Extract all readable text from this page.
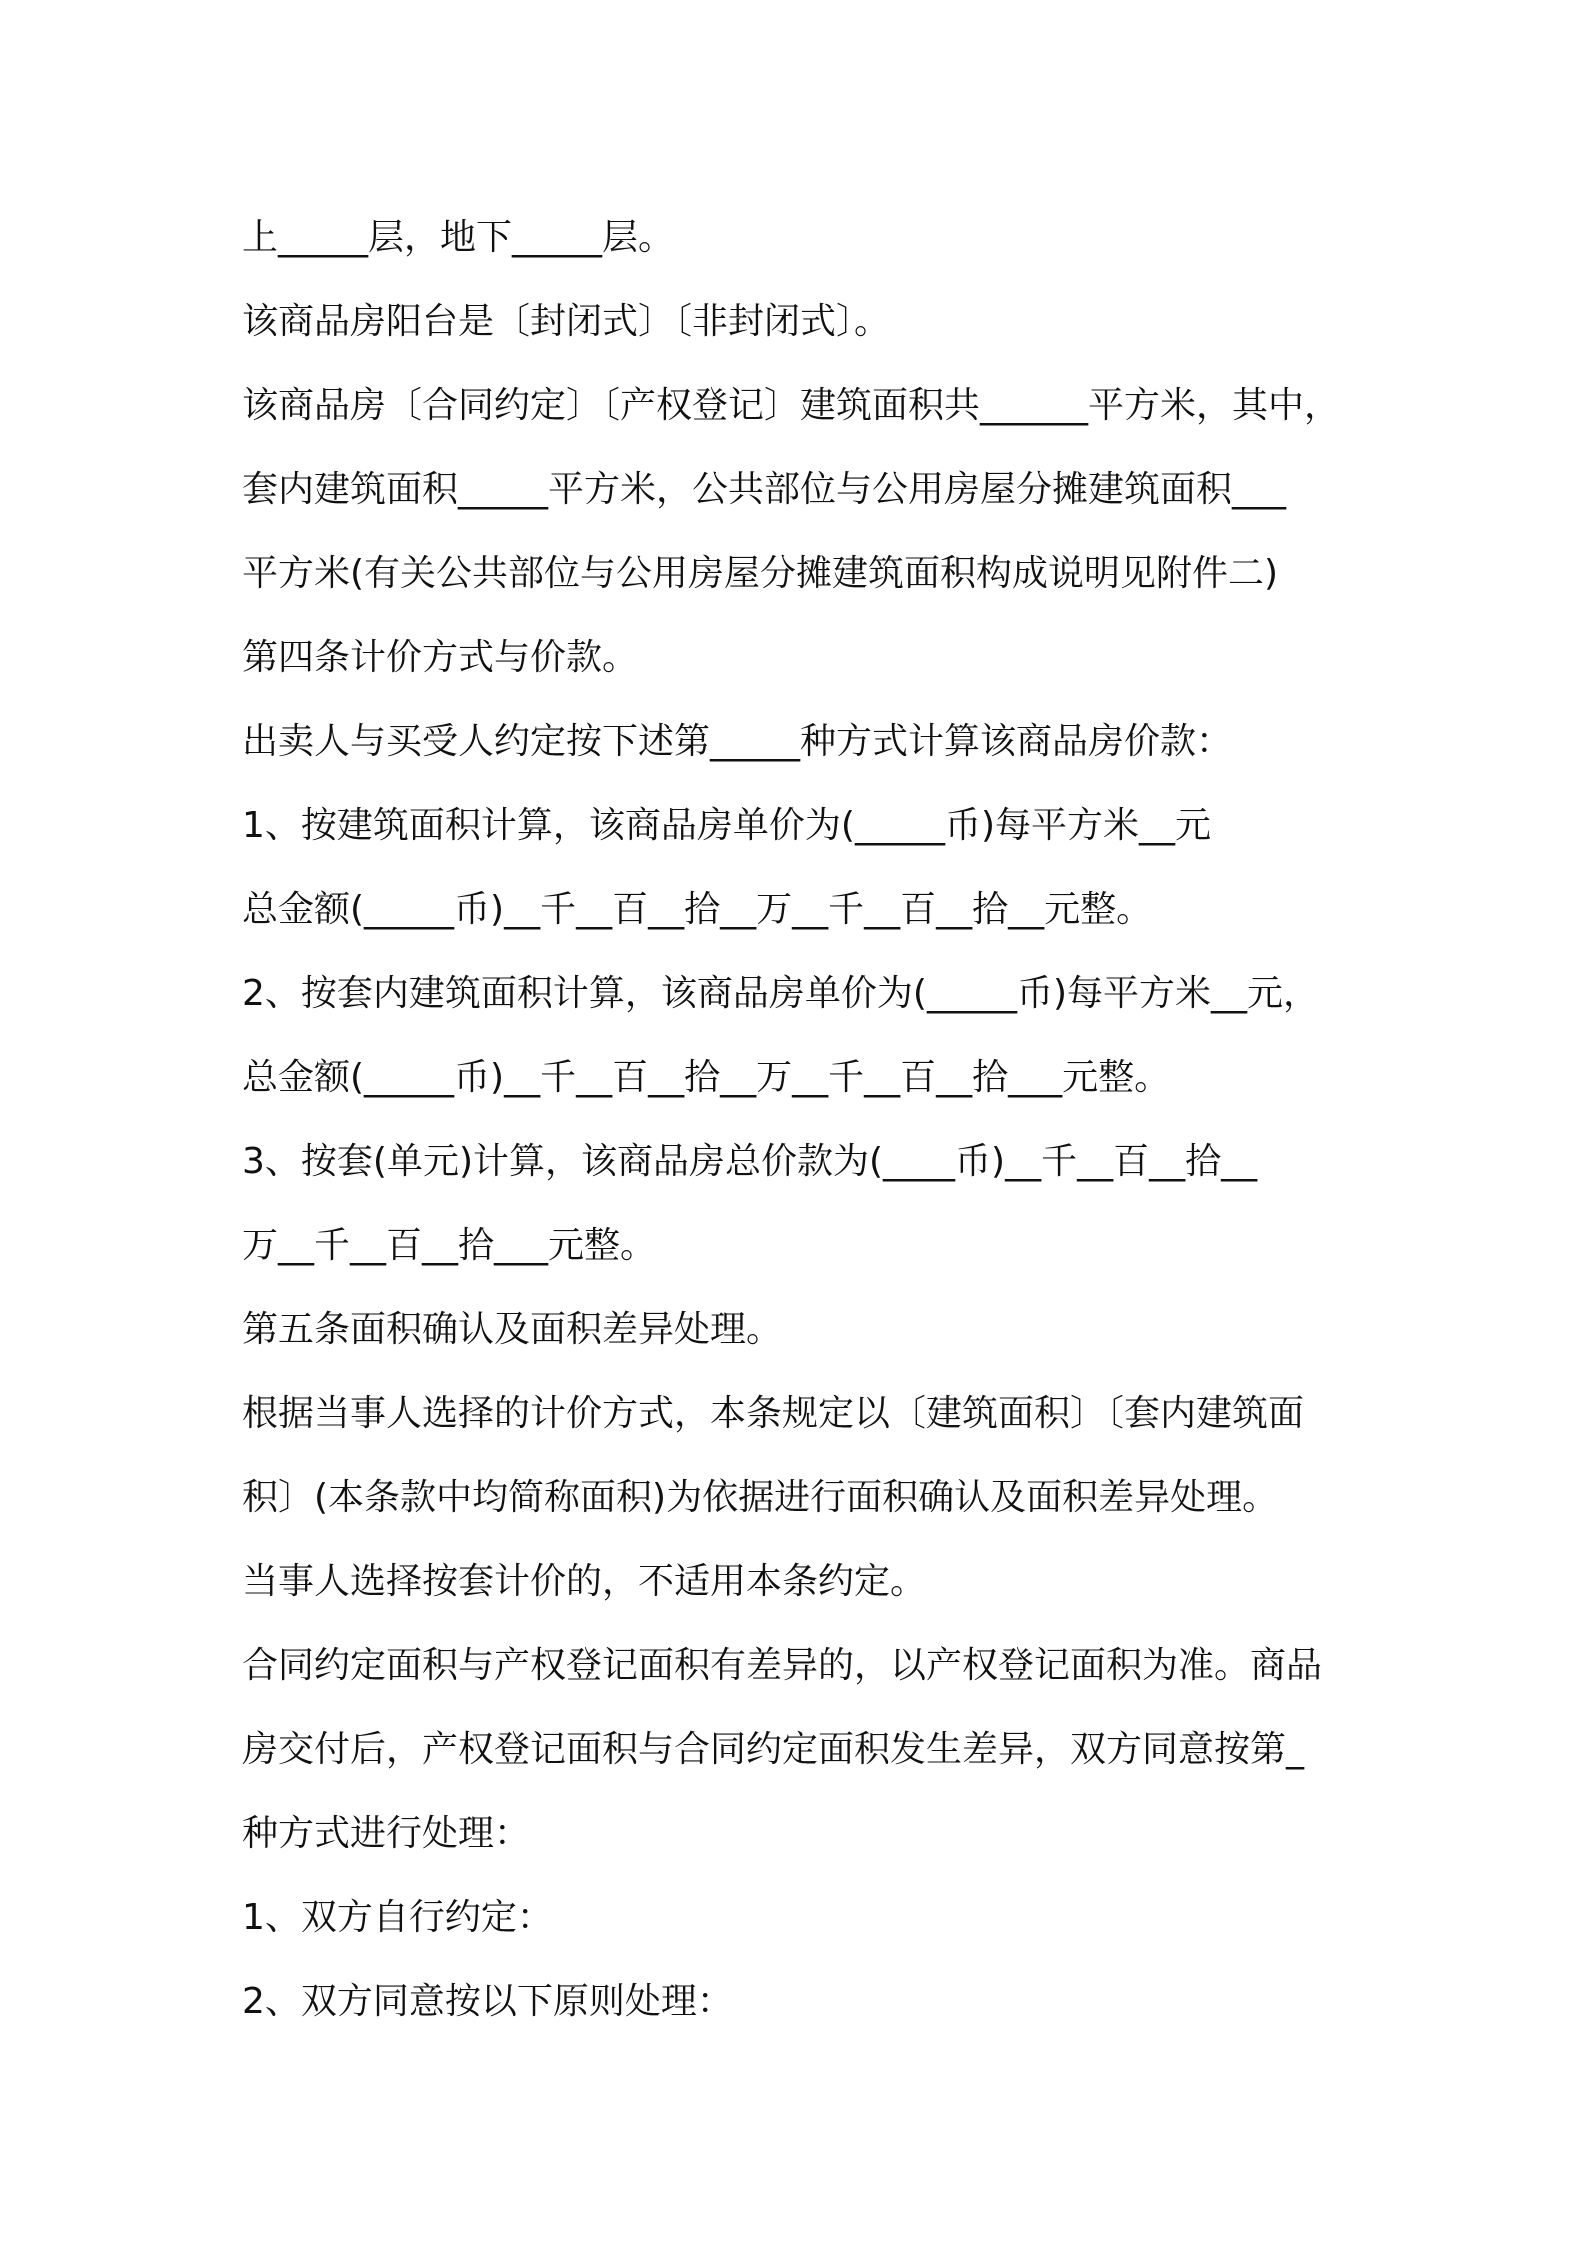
上_____层，地下_____层。
该商品房阳台是〔封闭式〕〔非封闭式〕。
该商品房〔合同约定〕〔产权登记〕建筑面积共______平方米，其中，
套内建筑面积_____平方米，公共部位与公用房屋分摊建筑面积___
平方米(有关公共部位与公用房屋分摊建筑面积构成说明见附件二)
第四条计价方式与价款。
出卖人与买受人约定按下述第_____种方式计算该商品房价款：
1、按建筑面积计算，该商品房单价为(_____币)每平方米__元
总金额(_____币)__千__百__拾__万__千__百__拾__元整。
2、按套内建筑面积计算，该商品房单价为(_____币)每平方米__元，
总金额(_____币)__千__百__拾__万__千__百__拾___元整。
3、按套(单元)计算，该商品房总价款为(____币)__千__百__拾__
万__千__百__拾___元整。
第五条面积确认及面积差异处理。
根据当事人选择的计价方式，本条规定以〔建筑面积〕〔套内建筑面
积〕(本条款中均简称面积)为依据进行面积确认及面积差异处理。
当事人选择按套计价的，不适用本条约定。
合同约定面积与产权登记面积有差异的，以产权登记面积为准。商品
房交付后，产权登记面积与合同约定面积发生差异，双方同意按第_
种方式进行处理：
1、双方自行约定：
2、双方同意按以下原则处理：
